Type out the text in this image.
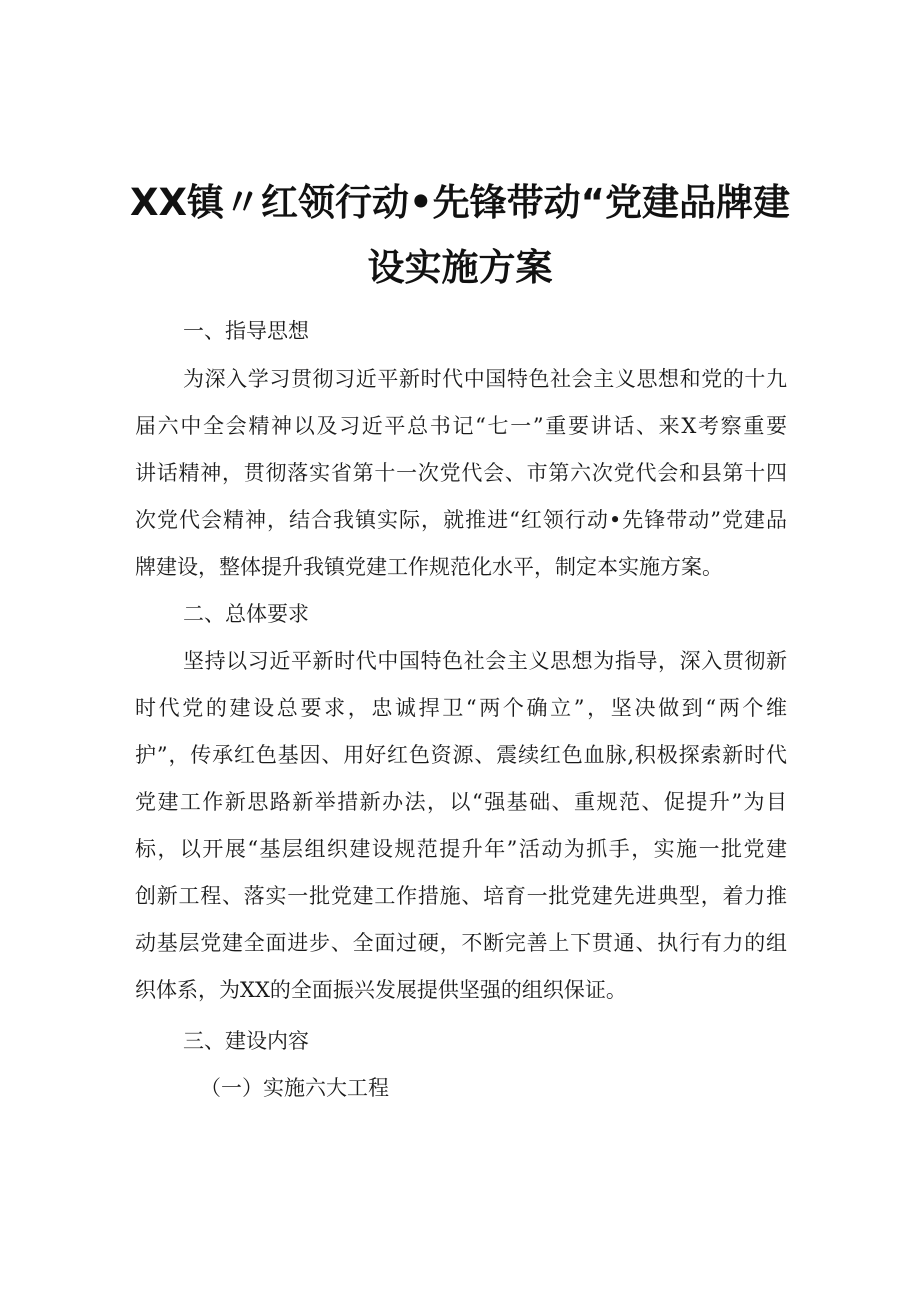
XX镇〃红领行动•先锋带动“党建品牌建
设实施方案
一、指导思想
为深入学习贯彻习近平新时代中国特色社会主义思想和党的十九
届六中全会精神以及习近平总书记“七一”重要讲话、来X考察重要
讲话精神，贯彻落实省第十一次党代会、市第六次党代会和县第十四
次党代会精神，结合我镇实际，就推进“红领行动•先锋带动”党建品
牌建设，整体提升我镇党建工作规范化水平，制定本实施方案。
二、总体要求
坚持以习近平新时代中国特色社会主义思想为指导，深入贯彻新
时代党的建设总要求，忠诚捍卫“两个确立”，坚决做到“两个维
护”，传承红色基因、用好红色资源、震续红色血脉,积极探索新时代
党建工作新思路新举措新办法，以“强基础、重规范、促提升”为目
标，以开展“基层组织建设规范提升年”活动为抓手，实施一批党建
创新工程、落实一批党建工作措施、培育一批党建先进典型，着力推
动基层党建全面进步、全面过硬，不断完善上下贯通、执行有力的组
织体系，为XX的全面振兴发展提供坚强的组织保证。
三、建设内容
（一）实施六大工程
